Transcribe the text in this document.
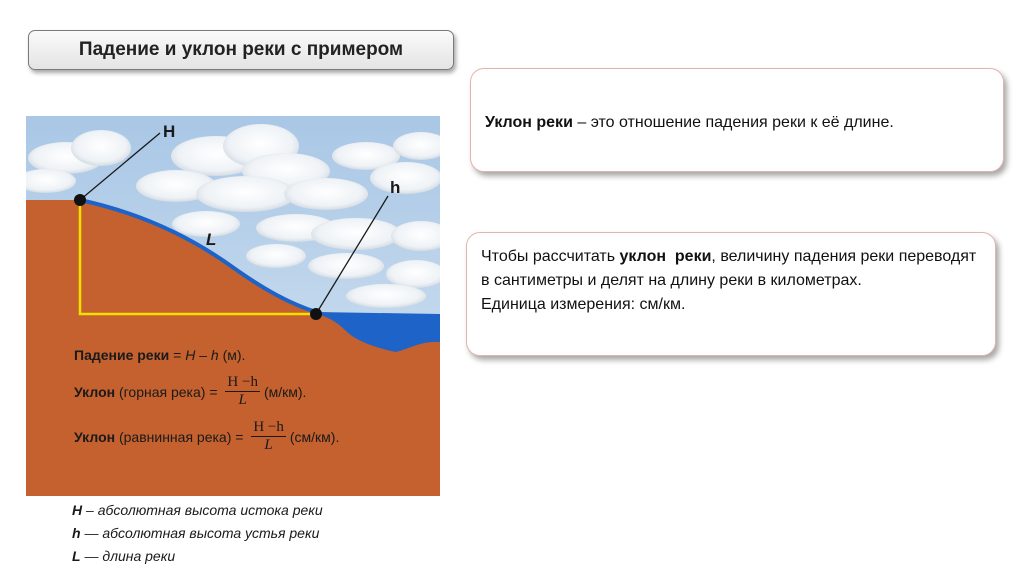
Падение и уклон реки с примером
H
h
L
Падение реки = H – h (м).
Уклон (горная река) = $\frac{H -h}{L} (м/км)$.
Уклон (равнинная река) = $\frac{H -h}{L} (см/км)$.
H – абсолютная высота истока реки
h — абсолютная высота устья реки
L — длина реки
Уклон реки – это отношение падения реки к её длине.
Чтобы рассчитать уклон  реки, величину падения реки переводят в сантиметры и делят на длину реки в километрах.
Единица измерения: см/км.
